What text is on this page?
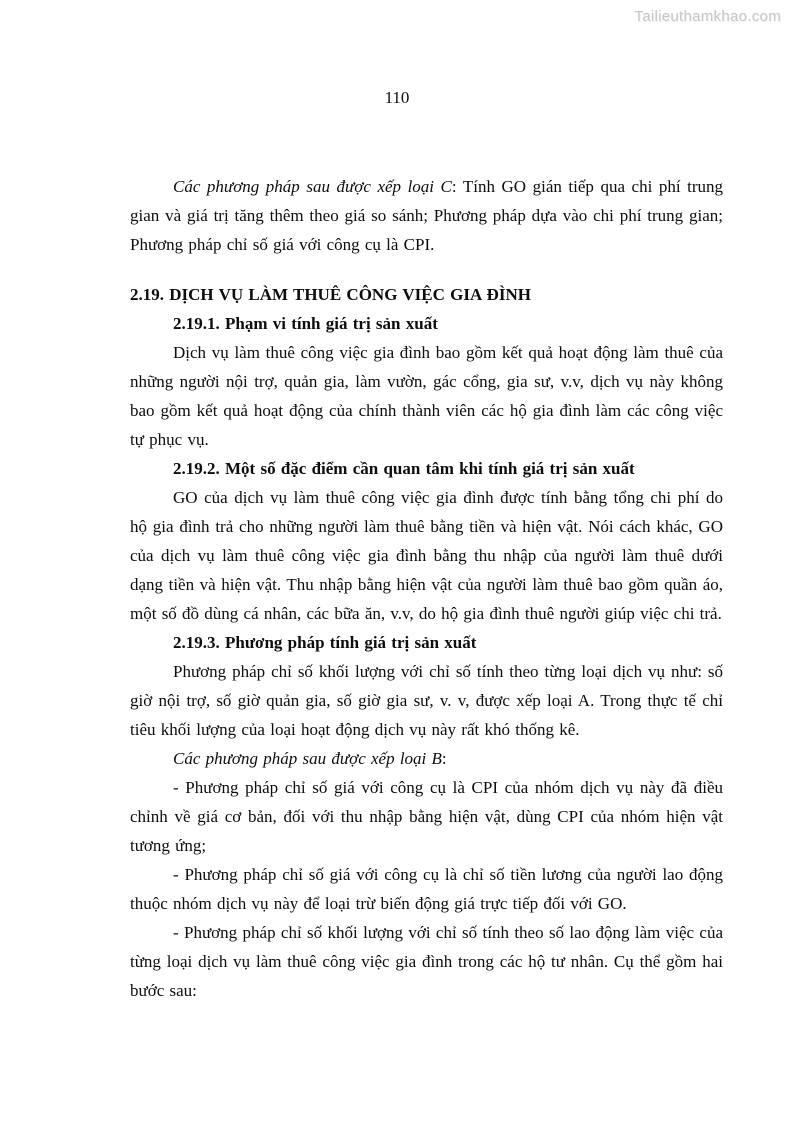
Tailieuthamkhao.com
110

Các phương pháp sau được xếp loại C: Tính GO gián tiếp qua chi phí trung gian và giá trị tăng thêm theo giá so sánh; Phương pháp dựa vào chi phí trung gian; Phương pháp chỉ số giá với công cụ là CPI.

2.19. DỊCH VỤ LÀM THUÊ CÔNG VIỆC GIA ĐÌNH

2.19.1. Phạm vi tính giá trị sản xuất

Dịch vụ làm thuê công việc gia đình bao gồm kết quả hoạt động làm thuê của những người nội trợ, quản gia, làm vườn, gác cổng, gia sư, v.v, dịch vụ này không bao gồm kết quả hoạt động của chính thành viên các hộ gia đình làm các công việc tự phục vụ.

2.19.2. Một số đặc điểm cần quan tâm khi tính giá trị sản xuất

GO của dịch vụ làm thuê công việc gia đình được tính bằng tổng chi phí do hộ gia đình trả cho những người làm thuê bằng tiền và hiện vật. Nói cách khác, GO của dịch vụ làm thuê công việc gia đình bằng thu nhập của người làm thuê dưới dạng tiền và hiện vật. Thu nhập bằng hiện vật của người làm thuê bao gồm quần áo, một số đồ dùng cá nhân, các bữa ăn, v.v, do hộ gia đình thuê người giúp việc chi trả.

2.19.3. Phương pháp tính giá trị sản xuất

Phương pháp chỉ số khối lượng với chỉ số tính theo từng loại dịch vụ như: số giờ nội trợ, số giờ quản gia, số giờ gia sư, v. v, được xếp loại A. Trong thực tế chỉ tiêu khối lượng của loại hoạt động dịch vụ này rất khó thống kê.

Các phương pháp sau được xếp loại B:

- Phương pháp chỉ số giá với công cụ là CPI của nhóm dịch vụ này đã điều chỉnh về giá cơ bản, đối với thu nhập bằng hiện vật, dùng CPI của nhóm hiện vật tương ứng;

- Phương pháp chỉ số giá với công cụ là chỉ số tiền lương của người lao động thuộc nhóm dịch vụ này để loại trừ biến động giá trực tiếp đối với GO.

- Phương pháp chỉ số khối lượng với chỉ số tính theo số lao động làm việc của từng loại dịch vụ làm thuê công việc gia đình trong các hộ tư nhân. Cụ thể gồm hai bước sau:
